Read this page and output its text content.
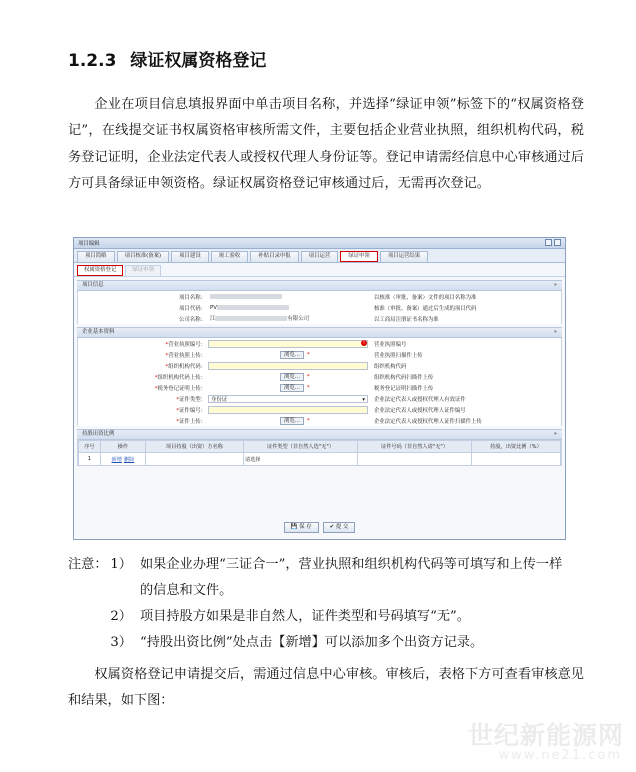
1.2.3 绿证权属资格登记

企业在项目信息填报界面中单击项目名称，并选择“绿证申领”标签下的“权属资格登记”，在线提交证书权属资格审核所需文件，主要包括企业营业执照，组织机构代码，税务登记证明，企业法定代表人或授权代理人身份证等。登记申请需经信息中心审核通过后方可具备绿证申领资格。绿证权属资格登记审核通过后，无需再次登记。

项目编辑
项目简略	项目核准(备案)	项目建设	竣工验收	补贴目录申报	项目运营	绿证申领	项目运营结果
权属资格登记	绿证申领
项目信息	»
项目名称：	以核准（审批、备案）文件的项目名称为准
项目代码： PV	核准（审批、备案）通过后生成的项目代码
公司名称： 江	有限公司	以工商局注册证书名称为准
企业基本资料	»
*营业执照编号：	!	营业执照编号
*营业执照上传：	浏览... *	营业执照扫描件上传
*组织机构代码：	组织机构代码
*组织机构代码上传：	浏览... *	组织机构代码扫描件上传
*税务登记证明上传：	浏览... *	税务登记证明扫描件上传
*证件类型： 身份证	▾ 企业法定代表人或授权代理人有效证件
*证件编号：	企业法定代表人或授权代理人证件编号
*证件上传：	浏览... *	企业法定代表人或授权代理人证件扫描件上传
持股出资比例	»
序号	操作	项目持股（出资）方名称	证件类型（非自然人选"无"）	证件号码（非自然人请"无"）	持股，出资比例（%）
1	新增 删除		请选择		
💾 保 存	✔ 提 交
注意： 1） 如果企业办理“三证合一”，营业执照和组织机构代码等可填写和上传一样
的信息和文件。
2） 项目持股方如果是非自然人，证件类型和号码填写“无”。
3） “持股出资比例”处点击【新增】可以添加多个出资方记录。

权属资格登记申请提交后，需通过信息中心审核。审核后，表格下方可查看审核意见和结果，如下图：

世纪新能源网
www.ne21.com
